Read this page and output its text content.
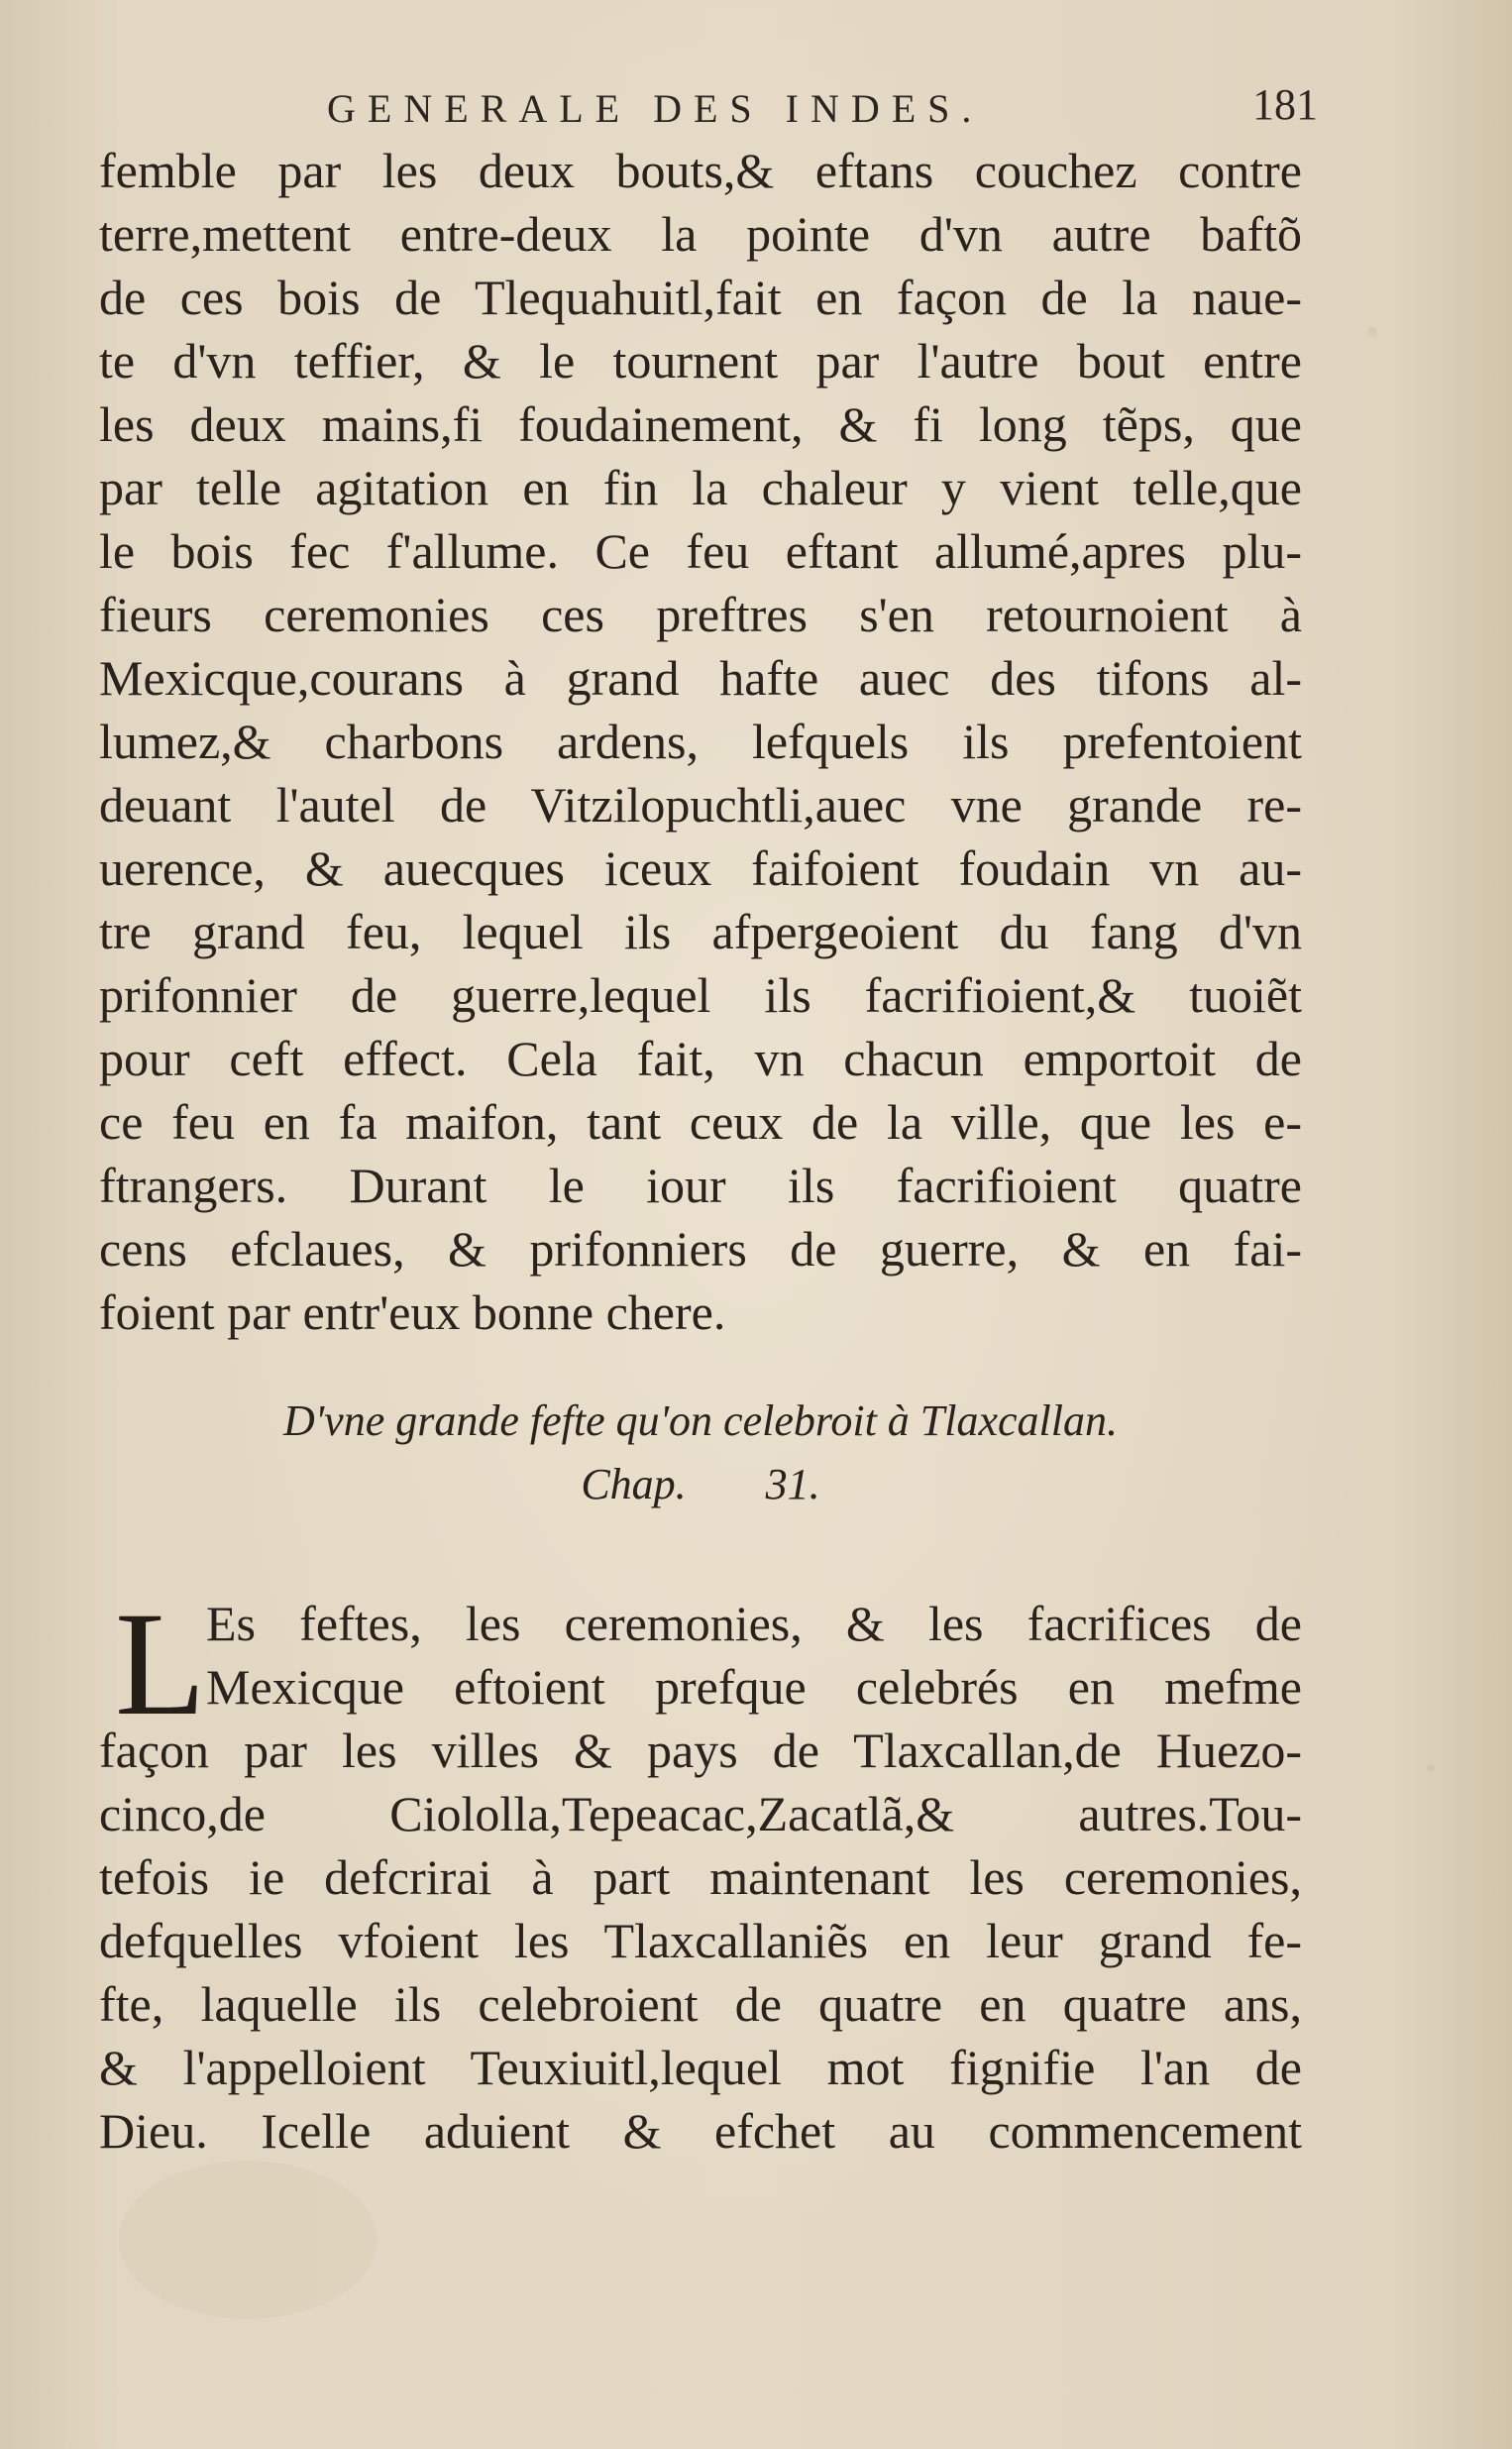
GENERALE DES INDES.	181
femble par les deux bouts,& eftans couchez contre
terre,mettent entre-deux la pointe d'vn autre baftõ
de ces bois de Tlequahuitl,fait en façon de la naue-
te d'vn teffier, & le tournent par l'autre bout entre
les deux mains,fi foudainement, & fi long tẽps, que
par telle agitation en fin la chaleur y vient telle,que
le bois fec f'allume. Ce feu eftant allumé,apres plu-
fieurs ceremonies ces preftres s'en retournoient à
Mexicque,courans à grand hafte auec des tifons al-
lumez,& charbons ardens, lefquels ils prefentoient
deuant l'autel de Vitzilopuchtli,auec vne grande re-
uerence, & auecques iceux faifoient foudain vn au-
tre grand feu, lequel ils afpergeoient du fang d'vn
prifonnier de guerre,lequel ils facrifioient,& tuoiẽt
pour ceft effect. Cela fait, vn chacun emportoit de
ce feu en fa maifon, tant ceux de la ville, que les e-
ftrangers. Durant le iour ils facrifioient quatre
cens efclaues, & prifonniers de guerre, & en fai-
foient par entr'eux bonne chere.
D'vne grande fefte qu'on celebroit à Tlaxcallan.
Chap. 31.
L Es feftes, les ceremonies, & les facrifices de
Mexicque eftoient prefque celebrés en mefme
façon par les villes & pays de Tlaxcallan,de Huezo-
cinco,de Ciololla,Tepeacac,Zacatlã,& autres.Tou-
tefois ie defcrirai à part maintenant les ceremonies,
defquelles vfoient les Tlaxcallaniẽs en leur grand fe-
fte, laquelle ils celebroient de quatre en quatre ans,
& l'appelloient Teuxiuitl,lequel mot fignifie l'an de
Dieu. Icelle aduient & efchet au commencement
